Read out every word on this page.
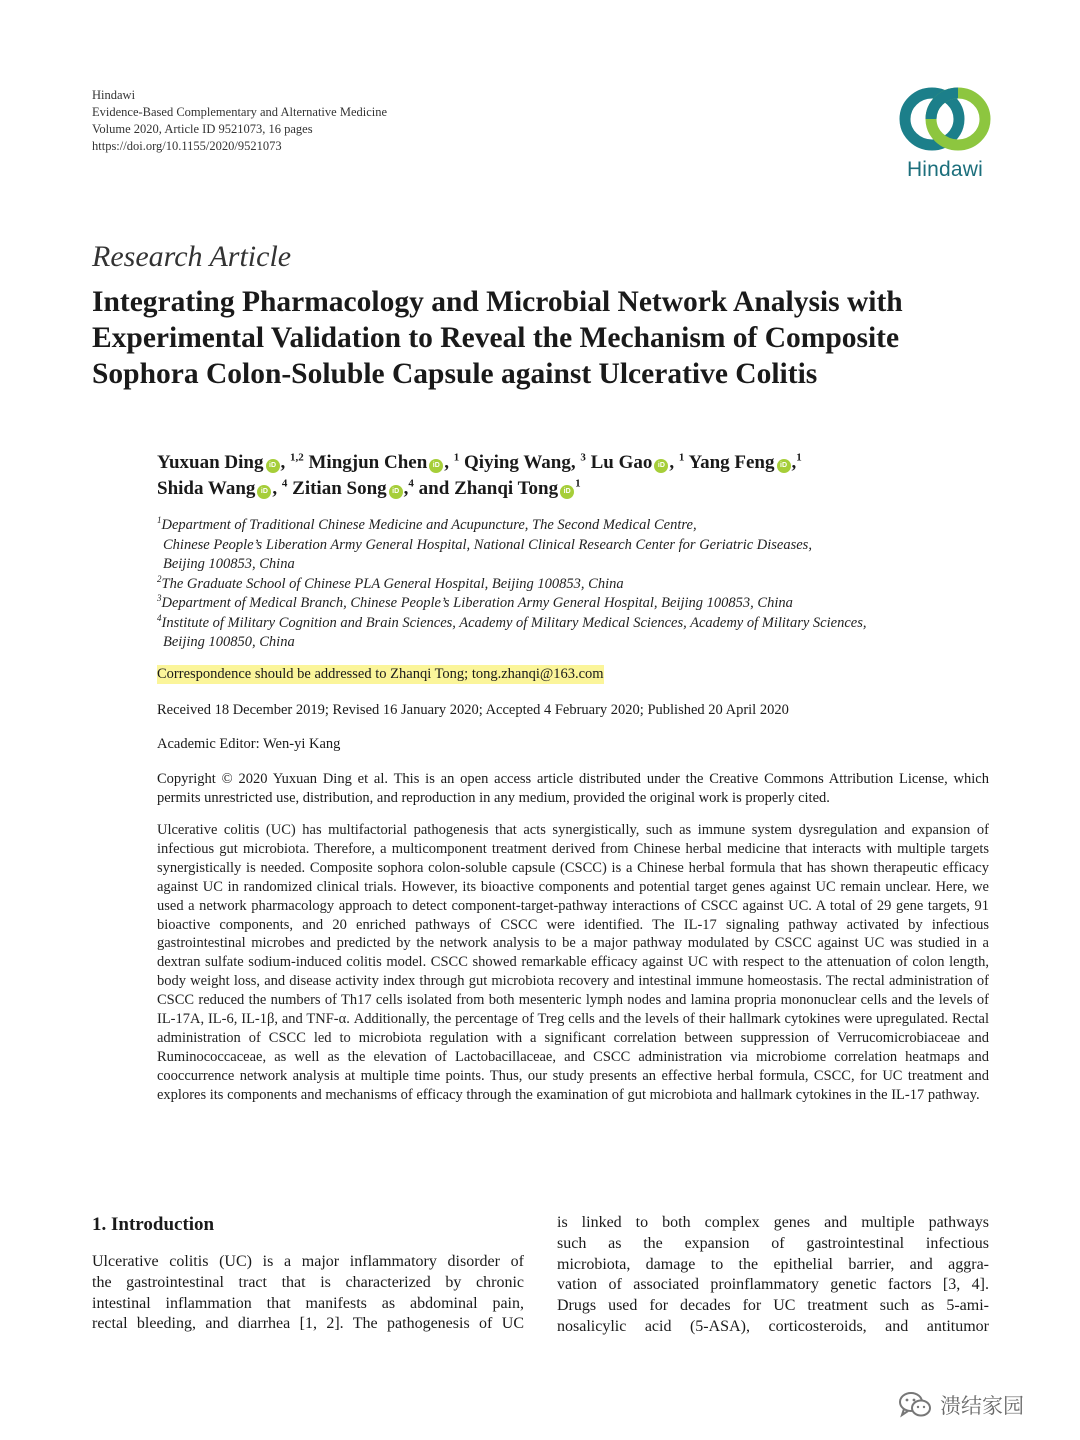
Hindawi
Evidence-Based Complementary and Alternative Medicine
Volume 2020, Article ID 9521073, 16 pages
https://doi.org/10.1155/2020/9521073
Hindawi
Research Article
Integrating Pharmacology and Microbial Network Analysis with
Experimental Validation to Reveal the Mechanism of Composite
Sophora Colon-Soluble Capsule against Ulcerative Colitis
Yuxuan Ding iD , $^{1,2}$ Mingjun Chen iD , $^1$ Qiying Wang, $^3$ Lu Gao iD , $^1$ Yang Feng iD ,$^1$
Shida Wang iD , $^4$ Zitian Song iD ,$^4$ and Zhanqi Tong $iD^1$
$^1$Department of Traditional Chinese Medicine and Acupuncture, The Second Medical Centre,
Chinese People’s Liberation Army General Hospital, National Clinical Research Center for Geriatric Diseases,
Beijing 100853, China
$^2$The Graduate School of Chinese PLA General Hospital, Beijing 100853, China
$^3$Department of Medical Branch, Chinese People’s Liberation Army General Hospital, Beijing 100853, China
$^4$Institute of Military Cognition and Brain Sciences, Academy of Military Medical Sciences, Academy of Military Sciences,
Beijing 100850, China
Correspondence should be addressed to Zhanqi Tong; tong.zhanqi@163.com
Received 18 December 2019; Revised 16 January 2020; Accepted 4 February 2020; Published 20 April 2020
Academic Editor: Wen-yi Kang
Copyright © 2020 Yuxuan Ding et al. This is an open access article distributed under the Creative Commons Attribution License, which permits unrestricted use, distribution, and reproduction in any medium, provided the original work is properly cited.
Ulcerative colitis (UC) has multifactorial pathogenesis that acts synergistically, such as immune system dysregulation and expansion of infectious gut microbiota. Therefore, a multicomponent treatment derived from Chinese herbal medicine that interacts with multiple targets synergistically is needed. Composite sophora colon-soluble capsule (CSCC) is a Chinese herbal formula that has shown therapeutic efficacy against UC in randomized clinical trials. However, its bioactive components and potential target genes against UC remain unclear. Here, we used a network pharmacology approach to detect component-target-pathway interactions of CSCC against UC. A total of 29 gene targets, 91 bioactive components, and 20 enriched pathways of CSCC were identified. The IL-17 signaling pathway activated by infectious gastrointestinal microbes and predicted by the network analysis to be a major pathway modulated by CSCC against UC was studied in a dextran sulfate sodium-induced colitis model. CSCC showed remarkable efficacy against UC with respect to the attenuation of colon length, body weight loss, and disease activity index through gut microbiota recovery and intestinal immune homeostasis. The rectal administration of CSCC reduced the numbers of Th17 cells isolated from both mesenteric lymph nodes and lamina propria mononuclear cells and the levels of IL-17A, IL-6, IL-1β, and TNF-α. Additionally, the percentage of Treg cells and the levels of their hallmark cytokines were upregulated. Rectal administration of CSCC led to microbiota regulation with a significant correlation between suppression of Verrucomicrobiaceae and Ruminococcaceae, as well as the elevation of Lactobacillaceae, and CSCC administration via microbiome correlation heatmaps and cooccurrence network analysis at multiple time points. Thus, our study presents an effective herbal formula, CSCC, for UC treatment and explores its components and mechanisms of efficacy through the examination of gut microbiota and hallmark cytokines in the IL-17 pathway.
1. Introduction
Ulcerative colitis (UC) is a major inflammatory disorder of
the gastrointestinal tract that is characterized by chronic
intestinal inflammation that manifests as abdominal pain,
rectal bleeding, and diarrhea [1, 2]. The pathogenesis of UC
is linked to both complex genes and multiple pathways
such as the expansion of gastrointestinal infectious
microbiota, damage to the epithelial barrier, and aggra-
vation of associated proinflammatory genetic factors [3, 4].
Drugs used for decades for UC treatment such as 5-ami-
nosalicylic acid (5-ASA), corticosteroids, and antitumor
溃结家园
